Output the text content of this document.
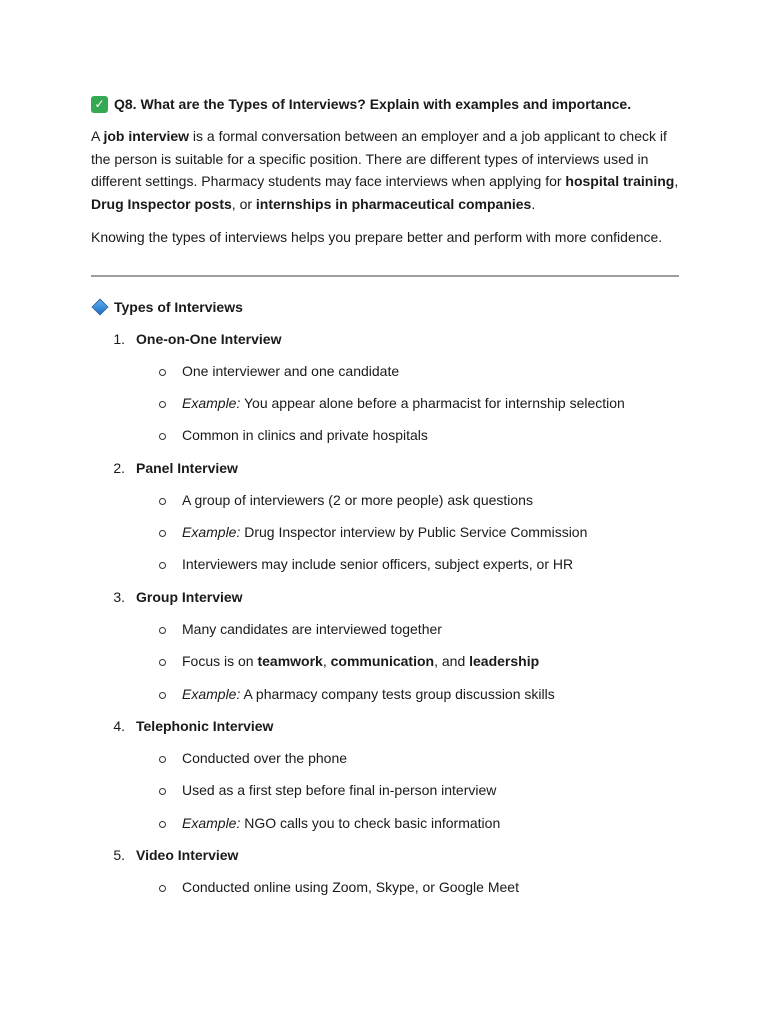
✓ Q8. What are the Types of Interviews? Explain with examples and importance.

A job interview is a formal conversation between an employer and a job applicant to check if the person is suitable for a specific position. There are different types of interviews used in different settings. Pharmacy students may face interviews when applying for hospital training, Drug Inspector posts, or internships in pharmaceutical companies.

Knowing the types of interviews helps you prepare better and perform with more confidence.

Types of Interviews
1. One-on-One Interview
One interviewer and one candidate
Example: You appear alone before a pharmacist for internship selection
Common in clinics and private hospitals
2. Panel Interview
A group of interviewers (2 or more people) ask questions
Example: Drug Inspector interview by Public Service Commission
Interviewers may include senior officers, subject experts, or HR
3. Group Interview
Many candidates are interviewed together
Focus is on teamwork, communication, and leadership
Example: A pharmacy company tests group discussion skills
4. Telephonic Interview
Conducted over the phone
Used as a first step before final in-person interview
Example: NGO calls you to check basic information
5. Video Interview
Conducted online using Zoom, Skype, or Google Meet
